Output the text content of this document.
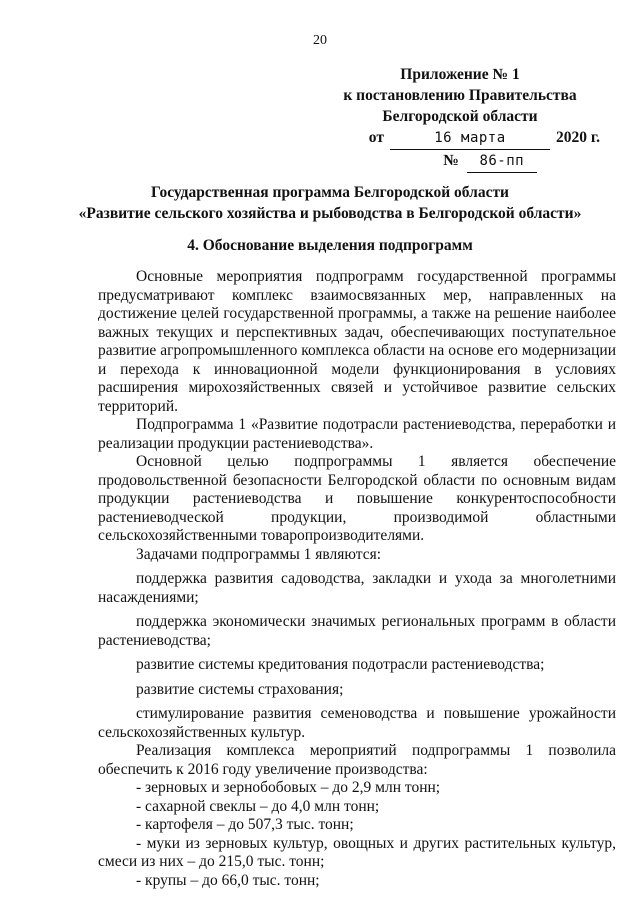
20
Приложение № 1
к постановлению Правительства
Белгородской области
от	16 марта	2020 г.
№	86-пп
Государственная программа Белгородской области
«Развитие сельского хозяйства и рыбоводства в Белгородской области»
4. Обоснование выделения подпрограмм

Основные мероприятия подпрограмм государственной программы предусматривают комплекс взаимосвязанных мер, направленных на достижение целей государственной программы, а также на решение наиболее важных текущих и перспективных задач, обеспечивающих поступательное развитие агропромышленного комплекса области на основе его модернизации и перехода к инновационной модели функционирования в условиях расширения мирохозяйственных связей и устойчивое развитие сельских территорий.

Подпрограмма 1 «Развитие подотрасли растениеводства, переработки и реализации продукции растениеводства».

Основной целью подпрограммы 1 является обеспечение продовольственной безопасности Белгородской области по основным видам продукции растениеводства и повышение конкурентоспособности растениеводческой продукции, производимой областными сельскохозяйственными товаропроизводителями.

Задачами подпрограммы 1 являются:

поддержка развития садоводства, закладки и ухода за многолетними насаждениями;

поддержка экономически значимых региональных программ в области растениеводства;

развитие системы кредитования подотрасли растениеводства;

развитие системы страхования;

стимулирование развития семеноводства и повышение урожайности сельскохозяйственных культур.

Реализация комплекса мероприятий подпрограммы 1 позволила обеспечить к 2016 году увеличение производства:

- зерновых и зернобобовых – до 2,9 млн тонн;

- сахарной свеклы – до 4,0 млн тонн;

- картофеля – до 507,3 тыс. тонн;

- муки из зерновых культур, овощных и других растительных культур, смеси из них – до 215,0 тыс. тонн;

- крупы – до 66,0 тыс. тонн;
